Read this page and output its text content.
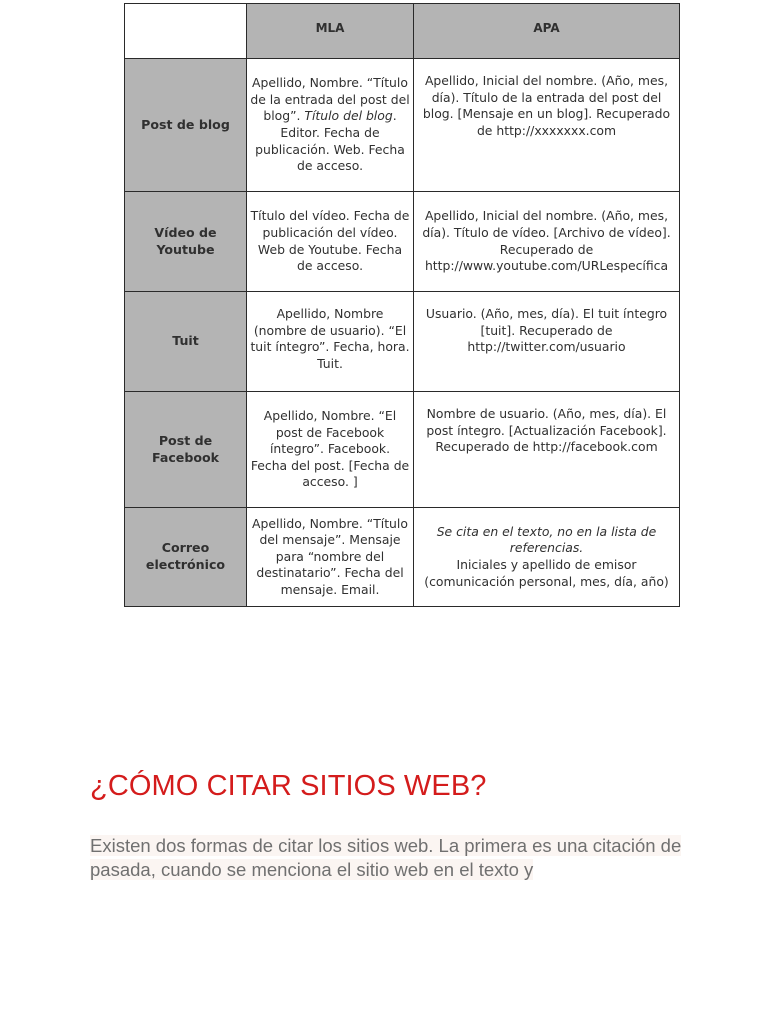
	MLA	APA
Post de blog	Apellido, Nombre. “Título de la entrada del post del blog”. Título del blog. Editor. Fecha de publicación. Web. Fecha de acceso.	Apellido, Inicial del nombre. (Año, mes, día). Título de la entrada del post del blog. [Mensaje en un blog]. Recuperado de http://xxxxxxx.com
Vídeo de
Youtube	Título del vídeo. Fecha de publicación del vídeo. Web de Youtube. Fecha de acceso.	Apellido, Inicial del nombre. (Año, mes, día). Título de vídeo. [Archivo de vídeo]. Recuperado de http://www.youtube.com/URLespecífica
Tuit	Apellido, Nombre (nombre de usuario). “El tuit íntegro”. Fecha, hora. Tuit.	Usuario. (Año, mes, día). El tuit íntegro [tuit]. Recuperado de http://twitter.com/usuario
Post de
Facebook	Apellido, Nombre. “El post de Facebook íntegro”. Facebook. Fecha del post. [Fecha de acceso. ]	Nombre de usuario. (Año, mes, día). El post íntegro. [Actualización Facebook]. Recuperado de http://facebook.com
Correo
electrónico	Apellido, Nombre. “Título del mensaje”. Mensaje para “nombre del destinatario”. Fecha del mensaje. Email.	Se cita en el texto, no en la lista de referencias.
Iniciales y apellido de emisor (comunicación personal, mes, día, año)
¿CÓMO CITAR SITIOS WEB?

Existen dos formas de citar los sitios web. La primera es una citación de pasada, cuando se menciona el sitio web en el texto y
